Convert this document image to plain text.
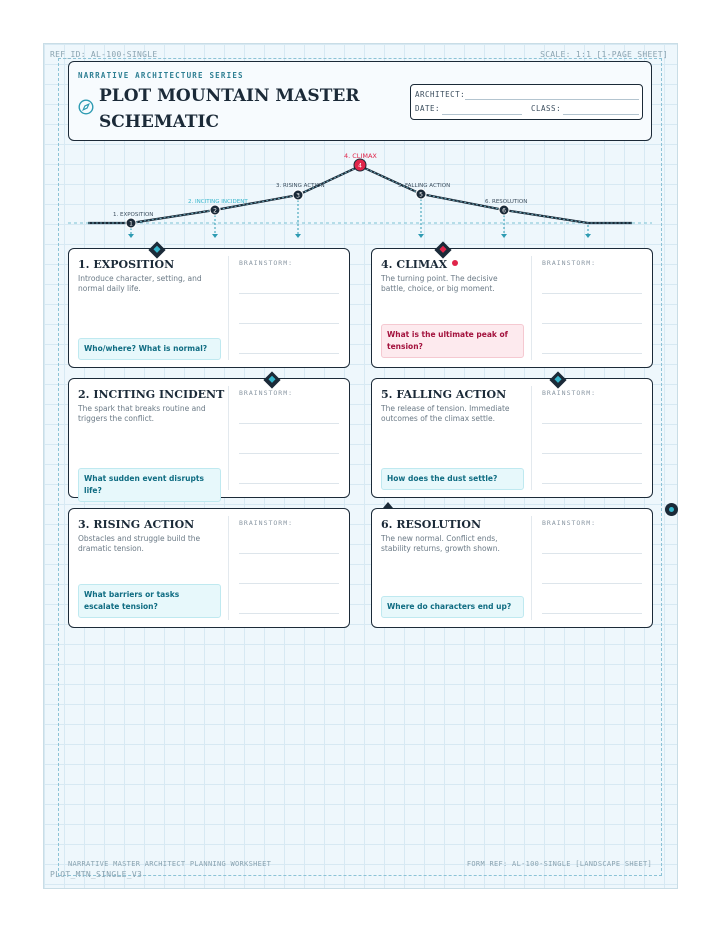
REF_ID: AL-100-SINGLE	SCALE: 1:1 [1-PAGE SHEET]
NARRATIVE ARCHITECTURE SERIES
PLOT MOUNTAIN MASTER SCHEMATIC
ARCHITECT:
DATE:	CLASS:
1
2
3
4
5
6
1. EXPOSITION
2. INCITING INCIDENT
3. RISING ACTION
4. CLIMAX
5. FALLING ACTION
6. RESOLUTION
1. EXPOSITION
Introduce character, setting, and normal daily life.
Who/where? What is normal?
BRAINSTORM:	4. CLIMAX
The turning point. The decisive battle, choice, or big moment.
What is the ultimate peak of tension?
BRAINSTORM:
2. INCITING INCIDENT
The spark that breaks routine and triggers the conflict.
What sudden event disrupts life?
BRAINSTORM:	5. FALLING ACTION
The release of tension. Immediate outcomes of the climax settle.
How does the dust settle?
BRAINSTORM:
3. RISING ACTION
Obstacles and struggle build the dramatic tension.
What barriers or tasks escalate tension?
BRAINSTORM:	6. RESOLUTION
The new normal. Conflict ends, stability returns, growth shown.
Where do characters end up?
BRAINSTORM:
NARRATIVE MASTER ARCHITECT PLANNING WORKSHEET	FORM REF: AL-100-SINGLE [LANDSCAPE SHEET]
PLOT_MTN_SINGLE_V3
